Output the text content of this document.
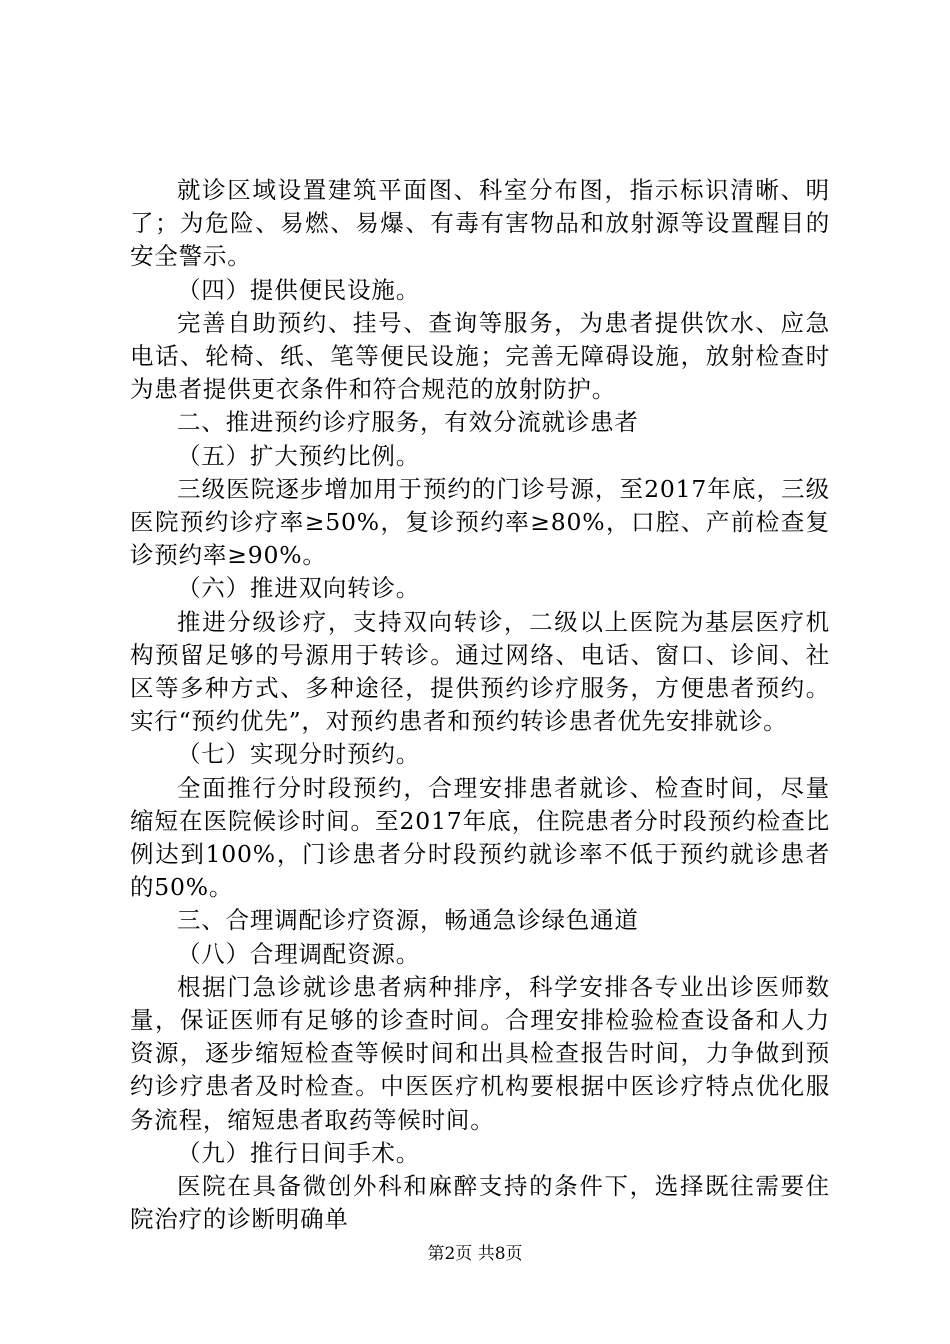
就诊区域设置建筑平面图、科室分布图，指示标识清晰、明了；为危险、易燃、易爆、有毒有害物品和放射源等设置醒目的安全警示。

（四）提供便民设施。

完善自助预约、挂号、查询等服务，为患者提供饮水、应急电话、轮椅、纸、笔等便民设施；完善无障碍设施，放射检查时为患者提供更衣条件和符合规范的放射防护。

二、推进预约诊疗服务，有效分流就诊患者

（五）扩大预约比例。

三级医院逐步增加用于预约的门诊号源，至2017年底，三级医院预约诊疗率≥50%，复诊预约率≥80%，口腔、产前检查复诊预约率≥90%。

（六）推进双向转诊。

推进分级诊疗，支持双向转诊，二级以上医院为基层医疗机构预留足够的号源用于转诊。通过网络、电话、窗口、诊间、社区等多种方式、多种途径，提供预约诊疗服务，方便患者预约。实行“预约优先”，对预约患者和预约转诊患者优先安排就诊。

（七）实现分时预约。

全面推行分时段预约，合理安排患者就诊、检查时间，尽量缩短在医院候诊时间。至2017年底，住院患者分时段预约检查比例达到100%，门诊患者分时段预约就诊率不低于预约就诊患者的50%。

三、合理调配诊疗资源，畅通急诊绿色通道

（八）合理调配资源。

根据门急诊就诊患者病种排序，科学安排各专业出诊医师数量，保证医师有足够的诊查时间。合理安排检验检查设备和人力资源，逐步缩短检查等候时间和出具检查报告时间，力争做到预约诊疗患者及时检查。中医医疗机构要根据中医诊疗特点优化服务流程，缩短患者取药等候时间。

（九）推行日间手术。

医院在具备微创外科和麻醉支持的条件下，选择既往需要住院治疗的诊断明确单

第2页 共8页
